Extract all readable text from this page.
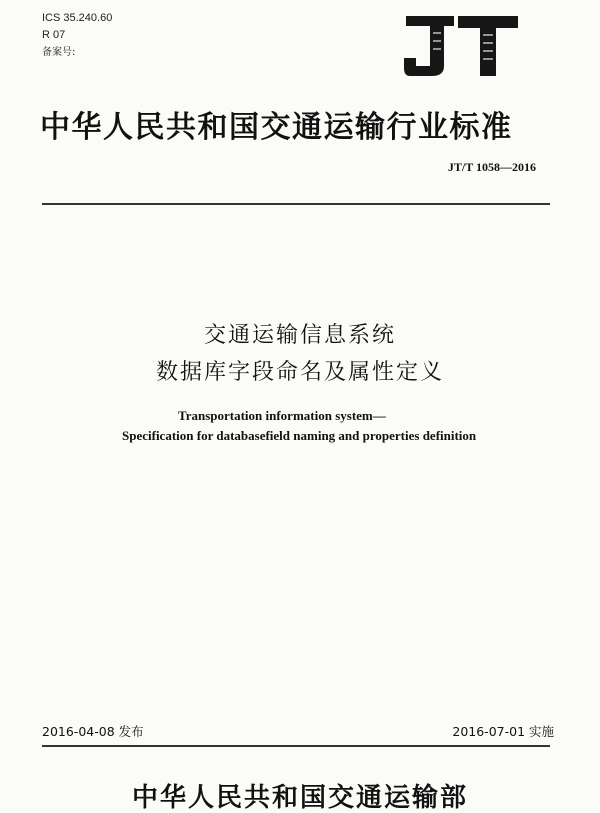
ICS 35.240.60
R 07
备案号:
中华人民共和国交通运输行业标准
JT/T 1058—2016
交通运输信息系统
数据库字段命名及属性定义
Transportation information system—
Specification for databasefield naming and properties definition
2016-04-08 发布	2016-07-01 实施
中华人民共和国交通运输部
